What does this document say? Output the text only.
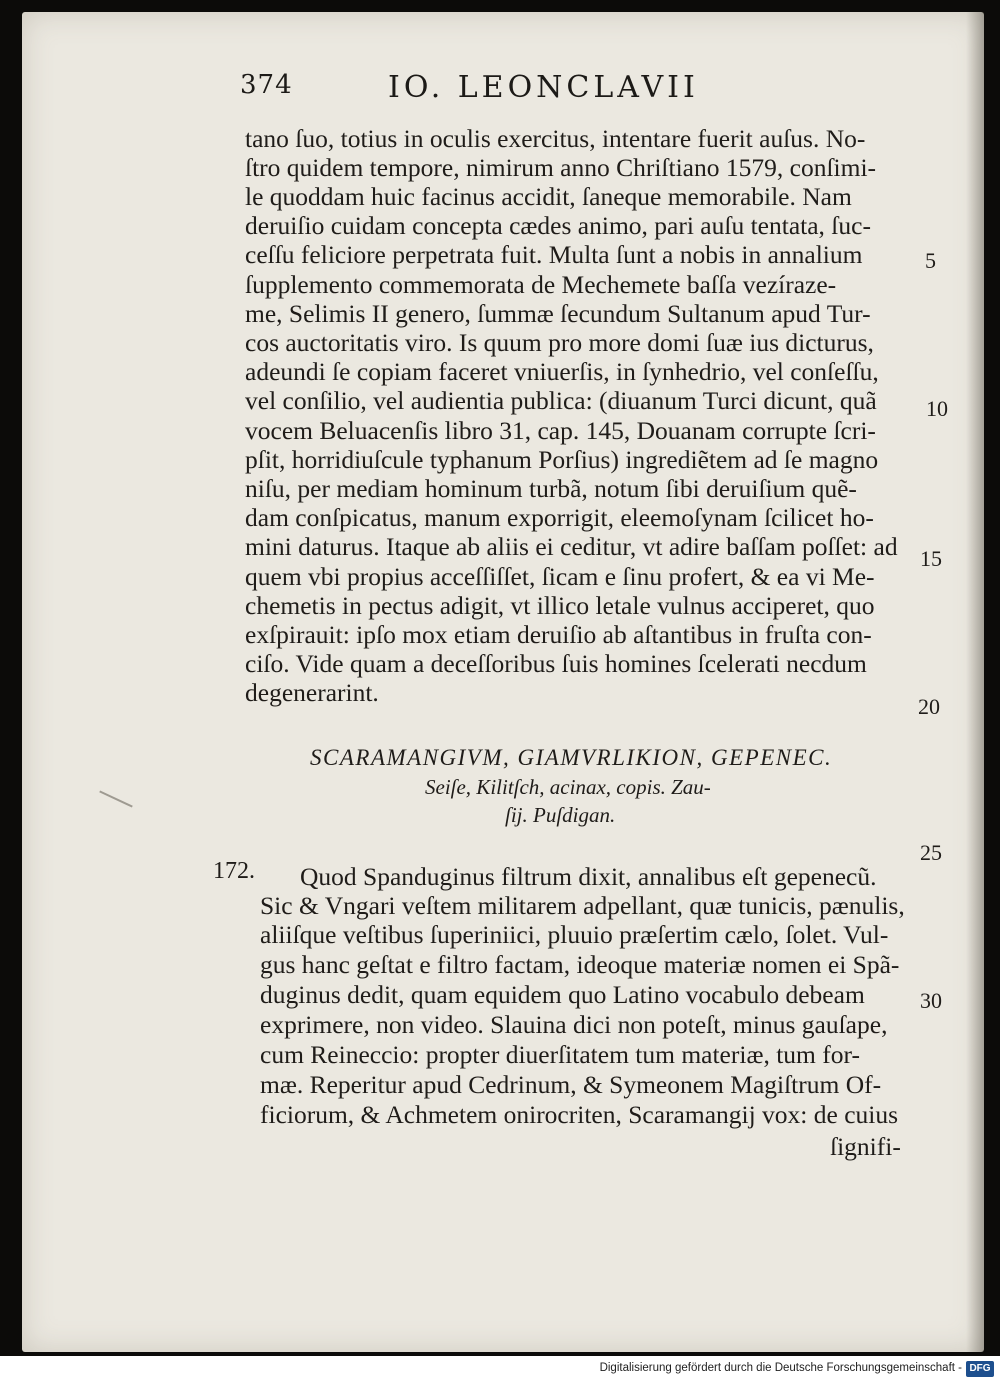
374	IO. LEONCLAVII
tano ſuo, totius in oculis exercitus, intentare fuerit auſus. No-
ſtro quidem tempore, nimirum anno Chriſtiano 1579, conſimi-
le quoddam huic facinus accidit, ſaneque memorabile. Nam
deruiſio cuidam concepta cædes animo, pari auſu tentata, ſuc-
ceſſu feliciore perpetrata fuit. Multa ſunt a nobis in annalium
ſupplemento commemorata de Mechemete baſſa vezíraze-
me, Selimis II genero, ſummæ ſecundum Sultanum apud Tur-
cos auctoritatis viro. Is quum pro more domi ſuæ ius dicturus,
adeundi ſe copiam faceret vniuerſis, in ſynhedrio, vel conſeſſu,
vel conſilio, vel audientia publica: (diuanum Turci dicunt, quã
vocem Beluacenſis libro 31, cap. 145, Douanam corrupte ſcri-
pſit, horridiuſcule typhanum Porſius) ingrediẽtem ad ſe magno
niſu, per mediam hominum turbã, notum ſibi deruiſium quẽ-
dam conſpicatus, manum exporrigit, eleemoſynam ſcilicet ho-
mini daturus. Itaque ab aliis ei ceditur, vt adire baſſam poſſet: ad
quem vbi propius acceſſiſſet, ſicam e ſinu profert, & ea vi Me-
chemetis in pectus adigit, vt illico letale vulnus acciperet, quo
exſpirauit: ipſo mox etiam deruiſio ab aſtantibus in fruſta con-
ciſo. Vide quam a deceſſoribus ſuis homines ſcelerati necdum
degenerarint.
5
10
15
20
25
30
SCARAMANGIVM, GIAMVRLIKION, GEPENEC.
Seiſe, Kilitſch, acinax, copis. Zau-
ſij. Puſdigan.
172. Quod Spanduginus filtrum dixit, annalibus eſt gepenecũ.
Sic & Vngari veſtem militarem adpellant, quæ tunicis, pænulis,
aliiſque veſtibus ſuperiniici, pluuio præſertim cælo, ſolet. Vul-
gus hanc geſtat e filtro factam, ideoque materiæ nomen ei Spã-
duginus dedit, quam equidem quo Latino vocabulo debeam
exprimere, non video. Slauina dici non poteſt, minus gauſape,
cum Reineccio: propter diuerſitatem tum materiæ, tum for-
mæ. Reperitur apud Cedrinum, & Symeonem Magiſtrum Of-
ficiorum, & Achmetem onirocriten, Scaramangij vox: de cuius
ſignifi-
Digitalisierung gefördert durch die Deutsche Forschungsgemeinschaft - DFG
